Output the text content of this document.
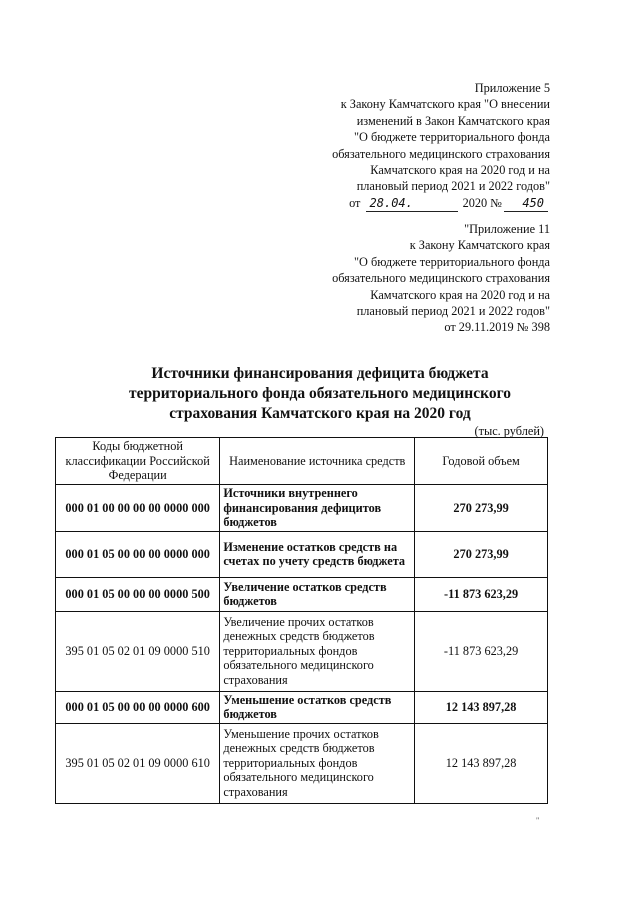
Приложение 5
к Закону Камчатского края "О внесении
изменений в Закон Камчатского края
"О бюджете территориального фонда
обязательного медицинского страхования
Камчатского края на 2020 год и на
плановый период 2021 и 2022 годов"
от 28.04.	2020 № 450
"Приложение 11
к Закону Камчатского края
"О бюджете территориального фонда
обязательного медицинского страхования
Камчатского края на 2020 год и на
плановый период 2021 и 2022 годов"
от 29.11.2019 № 398
Источники финансирования дефицита бюджета
территориального фонда обязательного медицинского
страхования Камчатского края на 2020 год
(тыс. рублей)
Коды бюджетной классификации Российской Федерации	Наименование источника средств	Годовой объем
000 01 00 00 00 00 0000 000	Источники внутреннего финансирования дефицитов бюджетов	270 273,99
000 01 05 00 00 00 0000 000	Изменение остатков средств на счетах по учету средств бюджета	270 273,99
000 01 05 00 00 00 0000 500	Увеличение остатков средств бюджетов	-11 873 623,29
395 01 05 02 01 09 0000 510	Увеличение прочих остатков денежных средств бюджетов территориальных фондов обязательного медицинского страхования	-11 873 623,29
000 01 05 00 00 00 0000 600	Уменьшение остатков средств бюджетов	12 143 897,28
395 01 05 02 01 09 0000 610	Уменьшение прочих остатков денежных средств бюджетов территориальных фондов обязательного медицинского страхования	12 143 897,28
"
